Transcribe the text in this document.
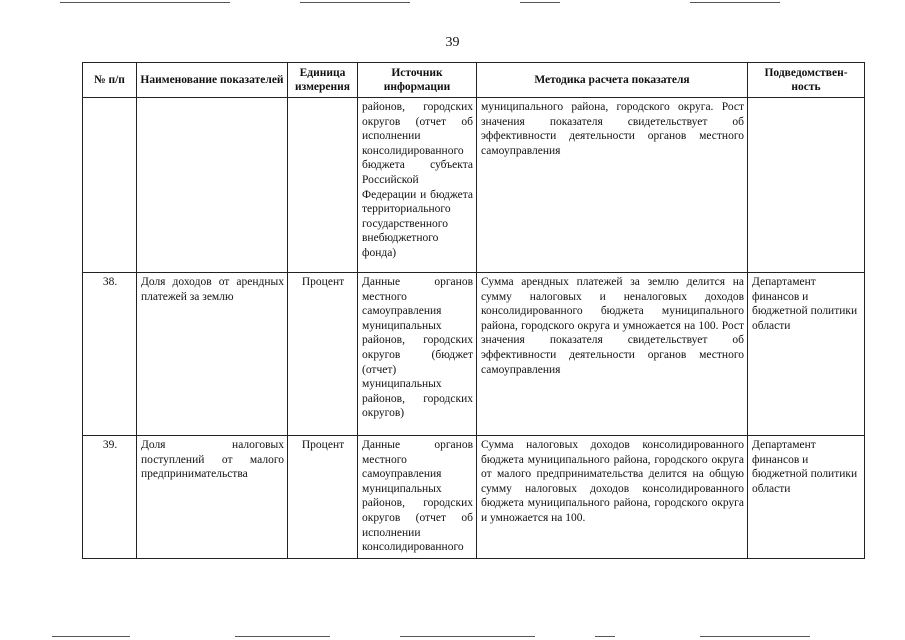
39
№ п/п	Наименование показателей	Единица измерения	Источник информации	Методика расчета показателя	Подведомствен-ность
			районов, городских округов (отчет об исполнении консолидированного бюджета субъекта Российской Федерации и бюджета территориального государственного внебюджетного фонда)	муниципального района, городского округа. Рост значения показателя свидетельствует об эффективности деятельности органов местного самоуправления	
38.	Доля доходов от арендных платежей за землю	Процент	Данные органов местного самоуправления муниципальных районов, городских округов (бюджет (отчет) муниципальных районов, городских округов)	Сумма арендных платежей за землю делится на сумму налоговых и неналоговых доходов консолидированного бюджета муниципального района, городского округа и умножается на 100. Рост значения показателя свидетельствует об эффективности деятельности органов местного самоуправления	Департамент финансов и бюджетной политики области
39.	Доля налоговых поступлений от малого предпринимательства	Процент	Данные органов местного самоуправления муниципальных районов, городских округов (отчет об исполнении консолидированного	Сумма налоговых доходов консолидированного бюджета муниципального района, городского округа от малого предпринимательства делится на общую сумму налоговых доходов консолидированного бюджета муниципального района, городского округа и умножается на 100.	Департамент финансов и бюджетной политики области
